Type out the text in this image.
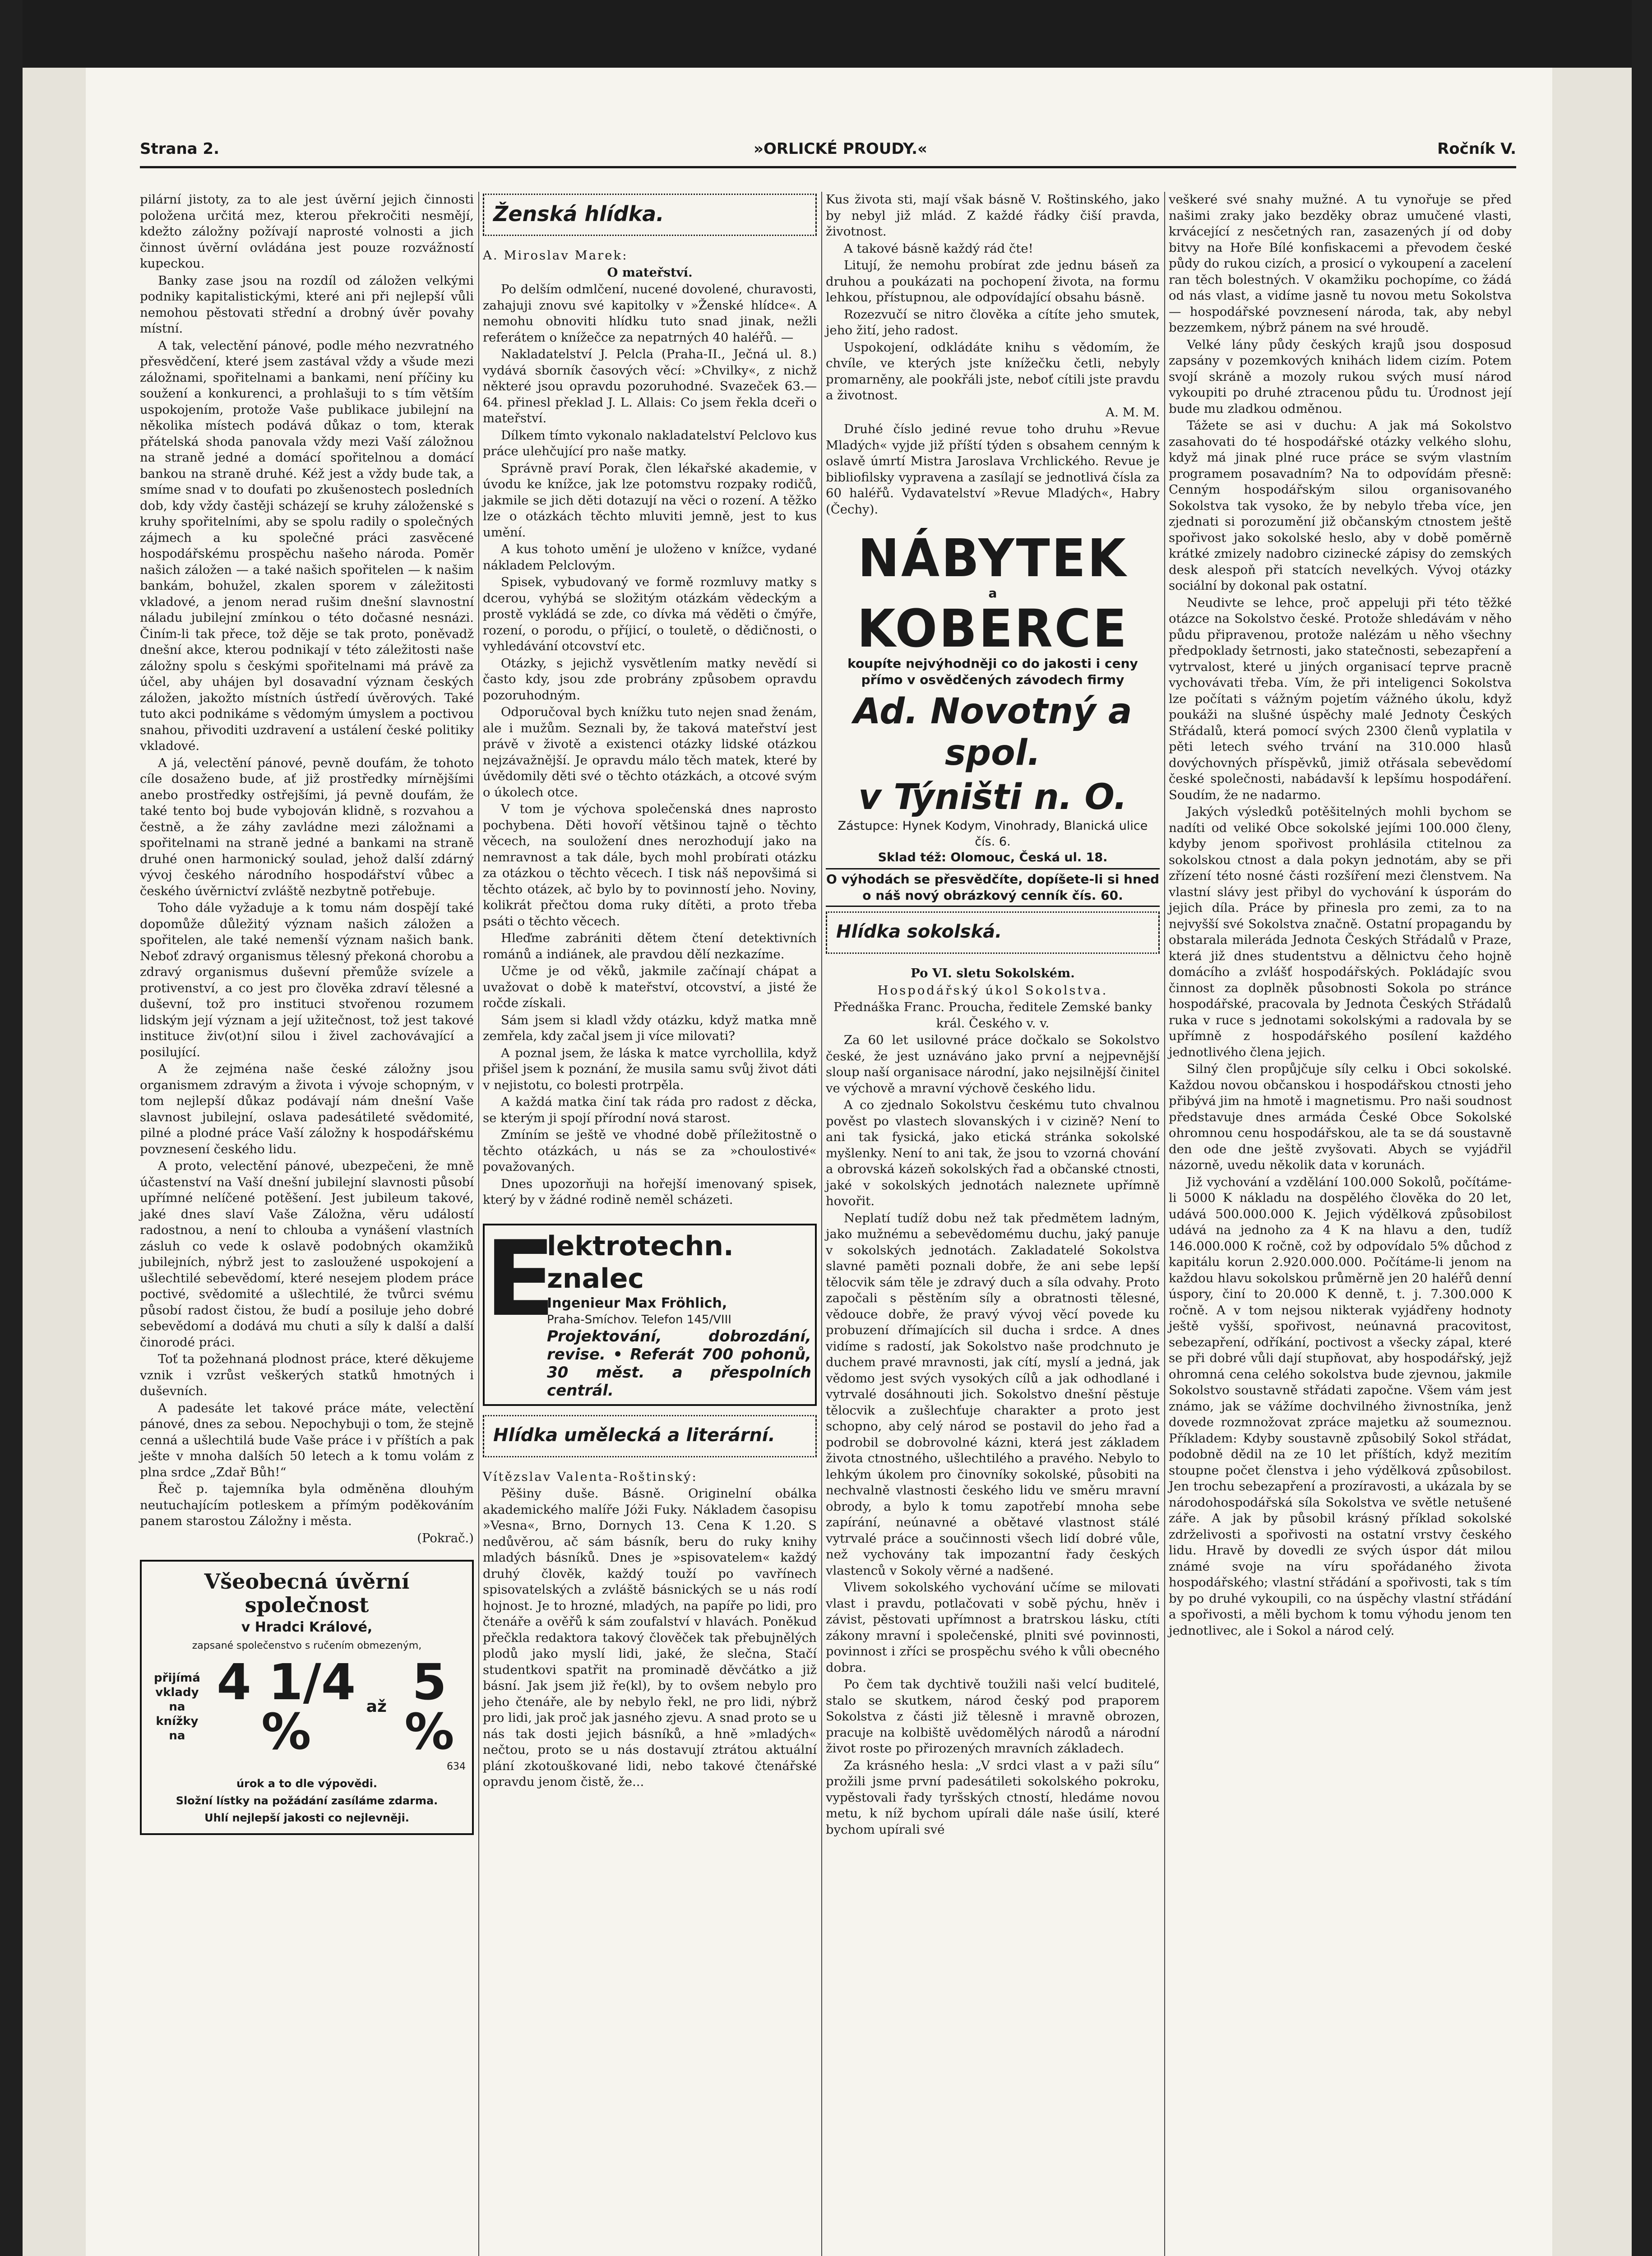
Strana 2.	»ORLICKÉ PROUDY.«	Ročník V.

pilární jistoty, za to ale jest úvěrní jejich činnosti položena určitá mez, kterou překročiti nesmějí, kdežto záložny požívají naprosté volnosti a jich činnost úvěrní ovládána jest pouze rozvážností kupeckou.

Banky zase jsou na rozdíl od záložen velkými podniky kapitalistickými, které ani při nejlepší vůli nemohou pěstovati střední a drobný úvěr povahy místní.

A tak, velectění pánové, podle mého nezvratného přesvědčení, které jsem zastával vždy a všude mezi záložnami, spořitelnami a bankami, není příčiny ku soužení a konkurenci, a prohlašuji to s tím větším uspokojením, protože Vaše publikace jubilejní na několika místech podává důkaz o tom, kterak přátelská shoda panovala vždy mezi Vaší záložnou na straně jedné a domácí spořitelnou a domácí bankou na straně druhé. Kéž jest a vždy bude tak, a smíme snad v to doufati po zkušenostech posledních dob, kdy vždy častěji scházejí se kruhy záloženské s kruhy spořitelními, aby se spolu radily o společných zájmech a ku společné práci zasvěcené hospodářskému prospěchu našeho národa. Poměr našich záložen — a také našich spořitelen — k našim bankám, bohužel, zkalen sporem v záležitosti vkladové, a jenom nerad rušim dnešní slavnostní náladu jubilejní zmínkou o této dočasné nesnázi. Činím-li tak přece, tož děje se tak proto, poněvadž dnešní akce, kterou podnikají v této záležitosti naše záložny spolu s českými spořitelnami má právě za účel, aby uhájen byl dosavadní význam českých záložen, jakožto místních ústředí úvěrových. Také tuto akci podnikáme s vědomým úmyslem a poctivou snahou, přivoditi uzdravení a ustálení české politiky vkladové.

A já, velectění pánové, pevně doufám, že tohoto cíle dosaženo bude, ať již prostředky mírnějšími anebo prostředky ostřejšími, já pevně doufám, že také tento boj bude vybojován klidně, s rozvahou a čestně, a že záhy zavládne mezi záložnami a spořitelnami na straně jedné a bankami na straně druhé onen harmonický soulad, jehož další zdárný vývoj českého národního hospodářství vůbec a českého úvěrnictví zvláště nezbytně potřebuje.

Toho dále vyžaduje a k tomu nám dospějí také dopomůže důležitý význam našich záložen a spořitelen, ale také nemenší význam našich bank. Neboť zdravý organismus tělesný překoná chorobu a zdravý organismus duševní přemůže svízele a protivenství, a co jest pro člověka zdraví tělesné a duševní, tož pro instituci stvořenou rozumem lidským její význam a její užitečnost, tož jest takové instituce živ(ot)ní silou i živel zachovávající a posilující.

A že zejména naše české záložny jsou organismem zdravým a života i vývoje schopným, v tom nejlepší důkaz podávají nám dnešní Vaše slavnost jubilejní, oslava padesátileté svědomité, pilné a plodné práce Vaší záložny k hospodářskému povznesení českého lidu.

A proto, velectění pánové, ubezpečeni, že mně účastenství na Vaší dnešní jubilejní slavnosti působí upřímné nelíčené potěšení. Jest jubileum takové, jaké dnes slaví Vaše Záložna, věru událostí radostnou, a není to chlouba a vynášení vlastních zásluh co vede k oslavě podobných okamžiků jubilejních, nýbrž jest to zasloužené uspokojení a ušlechtilé sebevědomí, které nesejem plodem práce poctivé, svědomité a ušlechtilé, že tvůrci svému působí radost čistou, že budí a posiluje jeho dobré sebevědomí a dodává mu chuti a síly k další a další činorodé práci.

Toť ta požehnaná plodnost práce, které děkujeme vznik i vzrůst veškerých statků hmotných i duševních.

A padesáte let takové práce máte, velectění pánové, dnes za sebou. Nepochybuji o tom, že stejně cenná a ušlechtilá bude Vaše práce i v příštích a pak ješte v mnoha dalších 50 letech a k tomu volám z plna srdce „Zdař Bůh!“

Řeč p. tajemníka byla odměněna dlouhým neutuchajícím potleskem a přímým poděkováním panem starostou Záložny i města.

(Pokrač.)

Všeobecná úvěrní společnost
v Hradci Králové,
zapsané společenstvo s ručením obmezeným,
přijímá vklady na knížky na
4 1/4 %	až 5 %
634
úrok a to dle výpovědi.
Složní lístky na požádání zasíláme zdarma.
Uhlí nejlepší jakosti co nejlevněji.
Ženská hlídka.

A. Miroslav Marek:

O mateřství.

Po delším odmlčení, nucené dovolené, churavosti, zahajuji znovu své kapitolky v »Ženské hlídce«. A nemohu obnoviti hlídku tuto snad jinak, nežli referátem o knížečce za nepatrných 40 haléřů. —

Nakladatelství J. Pelcla (Praha-II., Ječná ul. 8.) vydává sborník časových věcí: »Chvilky«, z nichž některé jsou opravdu pozoruhodné. Svazeček 63.—64. přinesl překlad J. L. Allais: Co jsem řekla dceři o mateřství.

Dílkem tímto vykonalo nakladatelství Pelclovo kus práce ulehčující pro naše matky.

Správně praví Porak, člen lékařské akademie, v úvodu ke knížce, jak lze potomstvu rozpaky rodičů, jakmile se jich děti dotazují na věci o rození. A těžko lze o otázkách těchto mluviti jemně, jest to kus umění.

A kus tohoto umění je uloženo v knížce, vydané nákladem Pelclovým.

Spisek, vybudovaný ve formě rozmluvy matky s dcerou, vyhýbá se složitým otázkám vědeckým a prostě vykládá se zde, co dívka má věděti o čmýře, rození, o porodu, o příjicí, o touletě, o dědičnosti, o vyhledávání otcovství etc.

Otázky, s jejichž vysvětlením matky nevědí si často kdy, jsou zde probrány způsobem opravdu pozoruhodným.

Odporučoval bych knížku tuto nejen snad ženám, ale i mužům. Seznali by, že taková mateřství jest právě v životě a existenci otázky lidské otázkou nejzávažnější. Je opravdu málo těch matek, které by úvědomily děti své o těchto otázkách, a otcové svým o úkolech otce.

V tom je výchova společenská dnes naprosto pochybena. Děti hovoří většinou tajně o těchto věcech, na souložení dnes nerozhodují jako na nemravnost a tak dále, bych mohl probírati otázku za otázkou o těchto věcech. I tisk náš nepovšimá si těchto otázek, ač bylo by to povinností jeho. Noviny, kolikrát přečtou doma ruky dítěti, a proto třeba psáti o těchto věcech.

Hleďme zabrániti dětem čtení detektivních románů a indiánek, ale pravdou dělí nezkazíme.

Učme je od věků, jakmile začínají chápat a uvažovat o době k mateřství, otcovství, a jisté že ročde získali.

Sám jsem si kladl vždy otázku, když matka mně zemřela, kdy začal jsem ji více milovati?

A poznal jsem, že láska k matce vyrchollila, když přišel jsem k poznání, že musila samu svůj život dáti v nejistotu, co bolesti protrpěla.

A každá matka činí tak ráda pro radost z děcka, se kterým ji spojí přírodní nová starost.

Zmíním se ještě ve vhodné době příležitostně o těchto otázkách, u nás se za »choulostivé« považovaných.

Dnes upozorňuji na hořejší imenovaný spisek, který by v žádné rodině neměl scházeti.

E
lektrotechn. znalec
Ingenieur Max Fröhlich,
Praha-Smíchov. Telefon 145/VIII
Projektování, dobrozdání, revise. • Referát 700 pohonů, 30 měst. a přespolních centrál.
Hlídka umělecká a literární.

Vítězslav Valenta-Roštinský:

Pěšiny duše. Básně. Originelní obálka akademického malíře Jóži Fuky. Nákladem časopisu »Vesna«, Brno, Dornych 13. Cena K 1.20. S nedůvěrou, ač sám básník, beru do ruky knihy mladých básníků. Dnes je »spisovatelem« každý druhý člověk, každý touží po vavřínech spisovatelských a zvláště básnických se u nás rodí hojnost. Je to hrozné, mladých, na papíře po lidi, pro čtenáře a ověřů k sám zoufalství v hlavách. Poněkud přečkla redaktora takový člověček tak přebujnělých plodů jako myslí lidi, jaké, že slečna, Stačí studentkovi spatřit na prominadě děvčátko a již básní. Jak jsem již ře(kl), by to ovšem nebylo pro jeho čtenáře, ale by nebylo řekl, ne pro lidi, nýbrž pro lidi, jak proč jak jasného zjevu. A snad proto se u nás tak dosti jejich básníků, a hně »mladých« nečtou, proto se u nás dostavují ztrátou aktuální plání zkotouškované lidi, nebo takové čtenářské opravdu jenom čistě, že...

Kus života sti, mají však básně V. Roštinského, jako by nebyl již mlád. Z každé řádky čiší pravda, životnost.

A takové básně každý rád čte!

Litují, že nemohu probírat zde jednu báseň za druhou a poukázati na pochopení života, na formu lehkou, přístupnou, ale odpovídající obsahu básně.

Rozezvučí se nitro člověka a cítíte jeho smutek, jeho žití, jeho radost.

Uspokojení, odkládáte knihu s vědomím, že chvíle, ve kterých jste knížečku četli, nebyly promarněny, ale pookřáli jste, neboť cítili jste pravdu a životnost.

A. M. M.

Druhé číslo jediné revue toho druhu »Revue Mladých« vyjde již příští týden s obsahem cenným k oslavě úmrtí Mistra Jaroslava Vrchlického. Revue je bibliofilsky vypravena a zasílají se jednotlivá čísla za 60 haléřů. Vydavatelství »Revue Mladých«, Habry (Čechy).

NÁBYTEK
a
KOBERCE
koupíte nejvýhodněji co do jakosti i ceny přímo v osvědčených závodech firmy
Ad. Novotný a spol.
v Týništi n. O.
Zástupce: Hynek Kodym, Vinohrady, Blanická ulice čís. 6.
Sklad též: Olomouc, Česká ul. 18.
O výhodách se přesvědčíte, dopíšete-li si hned o náš nový obrázkový cenník čís. 60.
Hlídka sokolská.

Po VI. sletu Sokolském.

Hospodářský úkol Sokolstva.

Přednáška Franc. Proucha, ředitele Zemské banky král. Českého v. v.

Za 60 let usilovné práce dočkalo se Sokolstvo české, že jest uznáváno jako první a nejpevnější sloup naší organisace národní, jako nejsilnější činitel ve výchově a mravní výchově českého lidu.

A co zjednalo Sokolstvu českému tuto chvalnou pověst po vlastech slovanských i v cizině? Není to ani tak fysická, jako etická stránka sokolské myšlenky. Není to ani tak, že jsou to vzorná chování a obrovská kázeň sokolských řad a občanské ctnosti, jaké v sokolských jednotách naleznete upřímně hovořit.

Neplatí tudíž dobu než tak předmětem ladným, jako mužnému a sebevědomému duchu, jaký panuje v sokolských jednotách. Zakladatelé Sokolstva slavné paměti poznali dobře, že ani sebe lepší tělocvik sám těle je zdravý duch a síla odvahy. Proto započali s pěstěním síly a obratnosti tělesné, vědouce dobře, že pravý vývoj věcí povede ku probuzení dřímajících sil ducha i srdce. A dnes vidíme s radostí, jak Sokolstvo naše prodchnuto je duchem pravé mravnosti, jak cítí, myslí a jedná, jak vědomo jest svých vysokých cílů a jak odhodlané i vytrvalé dosáhnouti jich. Sokolstvo dnešní pěstuje tělocvik a zušlechťuje charakter a proto jest schopno, aby celý národ se postavil do jeho řad a podrobil se dobrovolné kázni, která jest základem života ctnostného, ušlechtilého a pravého. Nebylo to lehkým úkolem pro činovníky sokolské, působiti na nechvalně vlastnosti českého lidu ve směru mravní obrody, a bylo k tomu zapotřebí mnoha sebe zapírání, neúnavné a obětavé vlastnost stálé vytrvalé práce a součinnosti všech lidí dobré vůle, než vychovány tak impozantní řady českých vlastenců v Sokoly věrné a nadšené.

Vlivem sokolského vychování učíme se milovati vlast i pravdu, potlačovati v sobě pýchu, hněv i závist, pěstovati upřímnost a bratrskou lásku, ctíti zákony mravní i společenské, plniti své povinnosti, povinnost i zříci se prospěchu svého k vůli obecného dobra.

Po čem tak dychtivě toužili naši velcí buditelé, stalo se skutkem, národ český pod praporem Sokolstva z části již tělesně i mravně obrozen, pracuje na kolbiště uvědomělých národů a národní život roste po přirozených mravních základech.

Za krásného hesla: „V srdci vlast a v paži sílu“ prožili jsme první padesátileti sokolského pokroku, vypěstovali řady tyršských ctností, hledáme novou metu, k níž bychom upírali dále naše úsilí, které bychom upírali své

veškeré své snahy mužné. A tu vynořuje se před našimi zraky jako bezděky obraz umučené vlasti, krvácející z nesčetných ran, zasazených jí od doby bitvy na Hoře Bílé konfiskacemi a převodem české půdy do rukou cizích, a prosicí o vykoupení a zacelení ran těch bolestných. V okamžiku pochopíme, co žádá od nás vlast, a vidíme jasně tu novou metu Sokolstva — hospodářské povznesení národa, tak, aby nebyl bezzemkem, nýbrž pánem na své hroudě.

Velké lány půdy českých krajů jsou dosposud zapsány v pozemkových knihách lidem cizím. Potem svojí skráně a mozoly rukou svých musí národ vykoupiti po druhé ztracenou půdu tu. Úrodnost její bude mu zladkou odměnou.

Tážete se asi v duchu: A jak má Sokolstvo zasahovati do té hospodářské otázky velkého slohu, když má jinak plné ruce práce se svým vlastním programem posavadním? Na to odpovídám přesně: Cenným hospodářským silou organisovaného Sokolstva tak vysoko, že by nebylo třeba více, jen zjednati si porozumění již občanským ctnostem ještě spořivost jako sokolské heslo, aby v době poměrně krátké zmizely nadobro cizinecké zápisy do zemských desk alespoň při statcích nevelkých. Vývoj otázky sociální by dokonal pak ostatní.

Neudivte se lehce, proč appeluji při této těžké otázce na Sokolstvo české. Protože shledávám v něho půdu připravenou, protože nalézám u něho všechny předpoklady šetrnosti, jako statečnosti, sebezapření a vytrvalost, které u jiných organisací teprve pracně vychovávati třeba. Vím, že při inteligenci Sokolstva lze počítati s vážným pojetím vážného úkolu, když poukáži na slušné úspěchy malé Jednoty Českých Střádalů, která pomocí svých 2300 členů vyplatila v pěti letech svého trvání na 310.000 hlasů dovýchovných příspěvků, jimiž otřásala sebevědomí české společnosti, nabádavší k lepšímu hospodáření. Soudím, že ne nadarmo.

Jakých výsledků potěšitelných mohli bychom se nadíti od veliké Obce sokolské jejími 100.000 členy, kdyby jenom spořivost prohlásila ctitelnou za sokolskou ctnost a dala pokyn jednotám, aby se při zřízení této nosné části rozšíření mezi členstvem. Na vlastní slávy jest přibyl do vychování k úsporám do jejich díla. Práce by přinesla pro zemi, za to na nejvyšší své Sokolstva značně. Ostatní propagandu by obstarala mileráda Jednota Českých Střádalů v Praze, která již dnes studentstvu a dělnictvu čeho hojně domácího a zvlášť hospodářských. Pokládajíc svou činnost za doplněk působnosti Sokola po stránce hospodářské, pracovala by Jednota Českých Střádalů ruka v ruce s jednotami sokolskými a radovala by se upřímně z hospodářského posílení každého jednotlivého člena jejich.

Silný člen propůjčuje síly celku i Obci sokolské. Každou novou občanskou i hospodářskou ctnosti jeho přibývá jim na hmotě i magnetismu. Pro naši soudnost představuje dnes armáda České Obce Sokolské ohromnou cenu hospodářskou, ale ta se dá soustavně den ode dne ještě zvyšovati. Abych se vyjádřil názorně, uvedu několik data v korunách.

Již vychování a vzdělání 100.000 Sokolů, počítáme-li 5000 K nákladu na dospělého člověka do 20 let, udává 500.000.000 K. Jejich výdělková způsobilost udává na jednoho za 4 K na hlavu a den, tudíž 146.000.000 K ročně, což by odpovídalo 5% důchod z kapitálu korun 2.920.000.000. Počítáme-li jenom na každou hlavu sokolskou průměrně jen 20 haléřů denní úspory, činí to 20.000 K denně, t. j. 7.300.000 K ročně. A v tom nejsou nikterak vyjádřeny hodnoty ještě vyšší, spořivost, neúnavná pracovitost, sebezapření, odříkání, poctivost a všecky zápal, které se při dobré vůli dají stupňovat, aby hospodářský, jejž ohromná cena celého sokolstva bude zjevnou, jakmile Sokolstvo soustavně střádati započne. Všem vám jest známo, jak se vážíme dochvilného živnostníka, jenž dovede rozmnožovat zpráce majetku až soumeznou. Příkladem: Kdyby soustavně způsobilý Sokol střádat, podobně dědil na ze 10 let příštích, když mezitím stoupne počet členstva i jeho výdělková způsobilost. Jen trochu sebezapření a prozíravosti, a ukázala by se národohospodářská síla Sokolstva ve světle netušené záře. A jak by působil krásný příklad sokolské zdrželivosti a spořivosti na ostatní vrstvy českého lidu. Hravě by dovedli ze svých úspor dát milou známé svoje na víru spořádaného života hospodářského; vlastní střádání a spořivosti, tak s tím by po druhé vykoupili, co na úspěchy vlastní střádání a spořivosti, a měli bychom k tomu výhodu jenom ten jednotlivec, ale i Sokol a národ celý.
